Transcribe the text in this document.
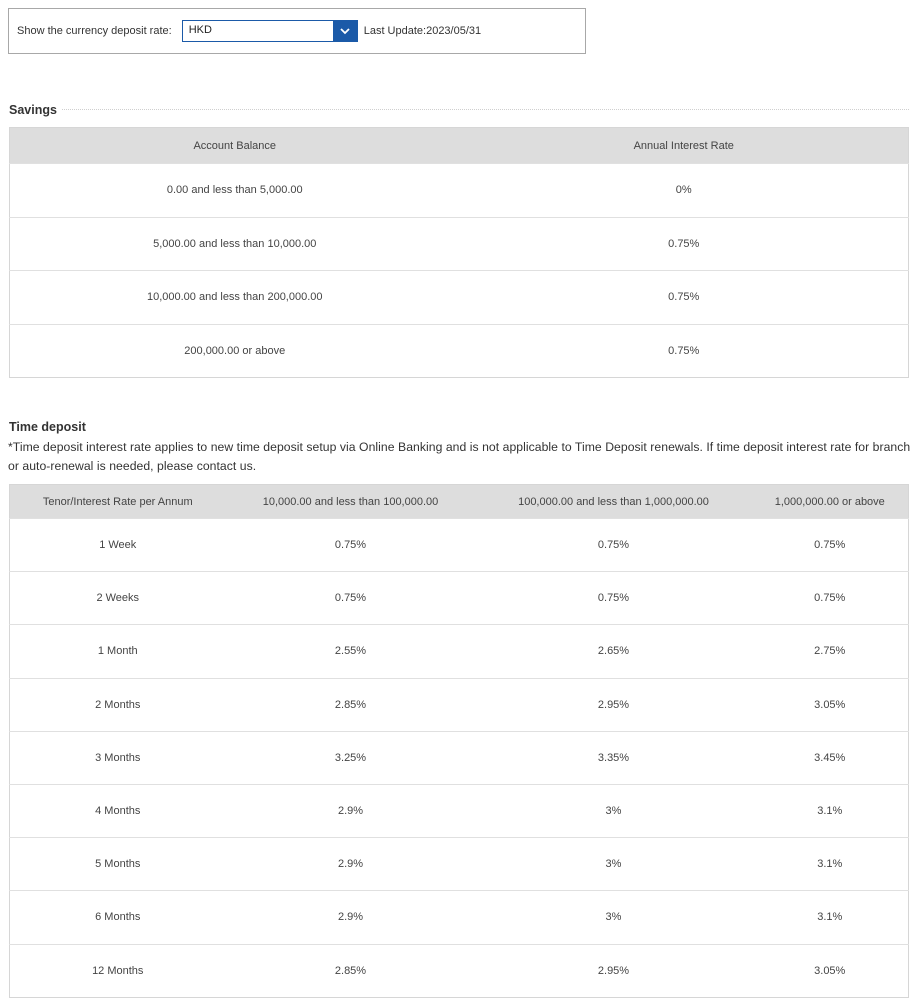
Show the currency deposit rate:	HKD	Last Update:2023/05/31
Savings
Account Balance	Annual Interest Rate
0.00 and less than 5,000.00	0%
5,000.00 and less than 10,000.00	0.75%
10,000.00 and less than 200,000.00	0.75%
200,000.00 or above	0.75%
Time deposit
*Time deposit interest rate applies to new time deposit setup via Online Banking and is not applicable to Time Deposit renewals. If time deposit interest rate for branch or auto-renewal is needed, please contact us.
Tenor/Interest Rate per Annum	10,000.00 and less than 100,000.00	100,000.00 and less than 1,000,000.00	1,000,000.00 or above
1 Week	0.75%	0.75%	0.75%
2 Weeks	0.75%	0.75%	0.75%
1 Month	2.55%	2.65%	2.75%
2 Months	2.85%	2.95%	3.05%
3 Months	3.25%	3.35%	3.45%
4 Months	2.9%	3%	3.1%
5 Months	2.9%	3%	3.1%
6 Months	2.9%	3%	3.1%
12 Months	2.85%	2.95%	3.05%
